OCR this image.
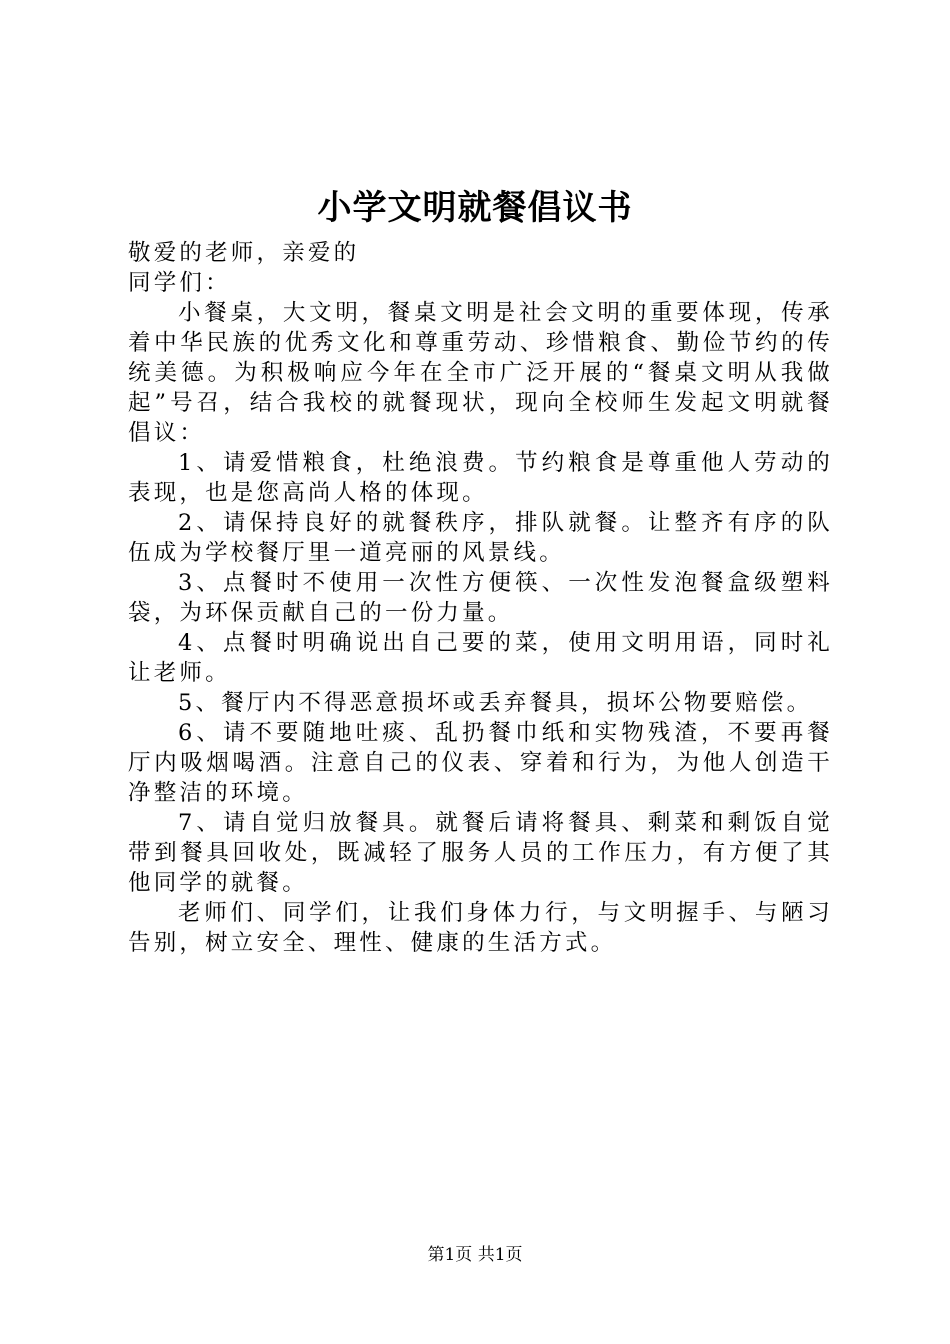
小学文明就餐倡议书

敬爱的老师，亲爱的

同学们：

小餐桌，大文明，餐桌文明是社会文明的重要体现，传承着中华民族的优秀文化和尊重劳动、珍惜粮食、勤俭节约的传统美德。为积极响应今年在全市广泛开展的“餐桌文明从我做起”号召，结合我校的就餐现状，现向全校师生发起文明就餐倡议：

1、请爱惜粮食，杜绝浪费。节约粮食是尊重他人劳动的表现，也是您高尚人格的体现。

2、请保持良好的就餐秩序，排队就餐。让整齐有序的队伍成为学校餐厅里一道亮丽的风景线。

3、点餐时不使用一次性方便筷、一次性发泡餐盒级塑料袋，为环保贡献自己的一份力量。

4、点餐时明确说出自己要的菜，使用文明用语，同时礼让老师。

5、餐厅内不得恶意损坏或丢弃餐具，损坏公物要赔偿。

6、请不要随地吐痰、乱扔餐巾纸和实物残渣，不要再餐厅内吸烟喝酒。注意自己的仪表、穿着和行为，为他人创造干净整洁的环境。

7、请自觉归放餐具。就餐后请将餐具、剩菜和剩饭自觉带到餐具回收处，既减轻了服务人员的工作压力，有方便了其他同学的就餐。

老师们、同学们，让我们身体力行，与文明握手、与陋习告别，树立安全、理性、健康的生活方式。

第1页 共1页
